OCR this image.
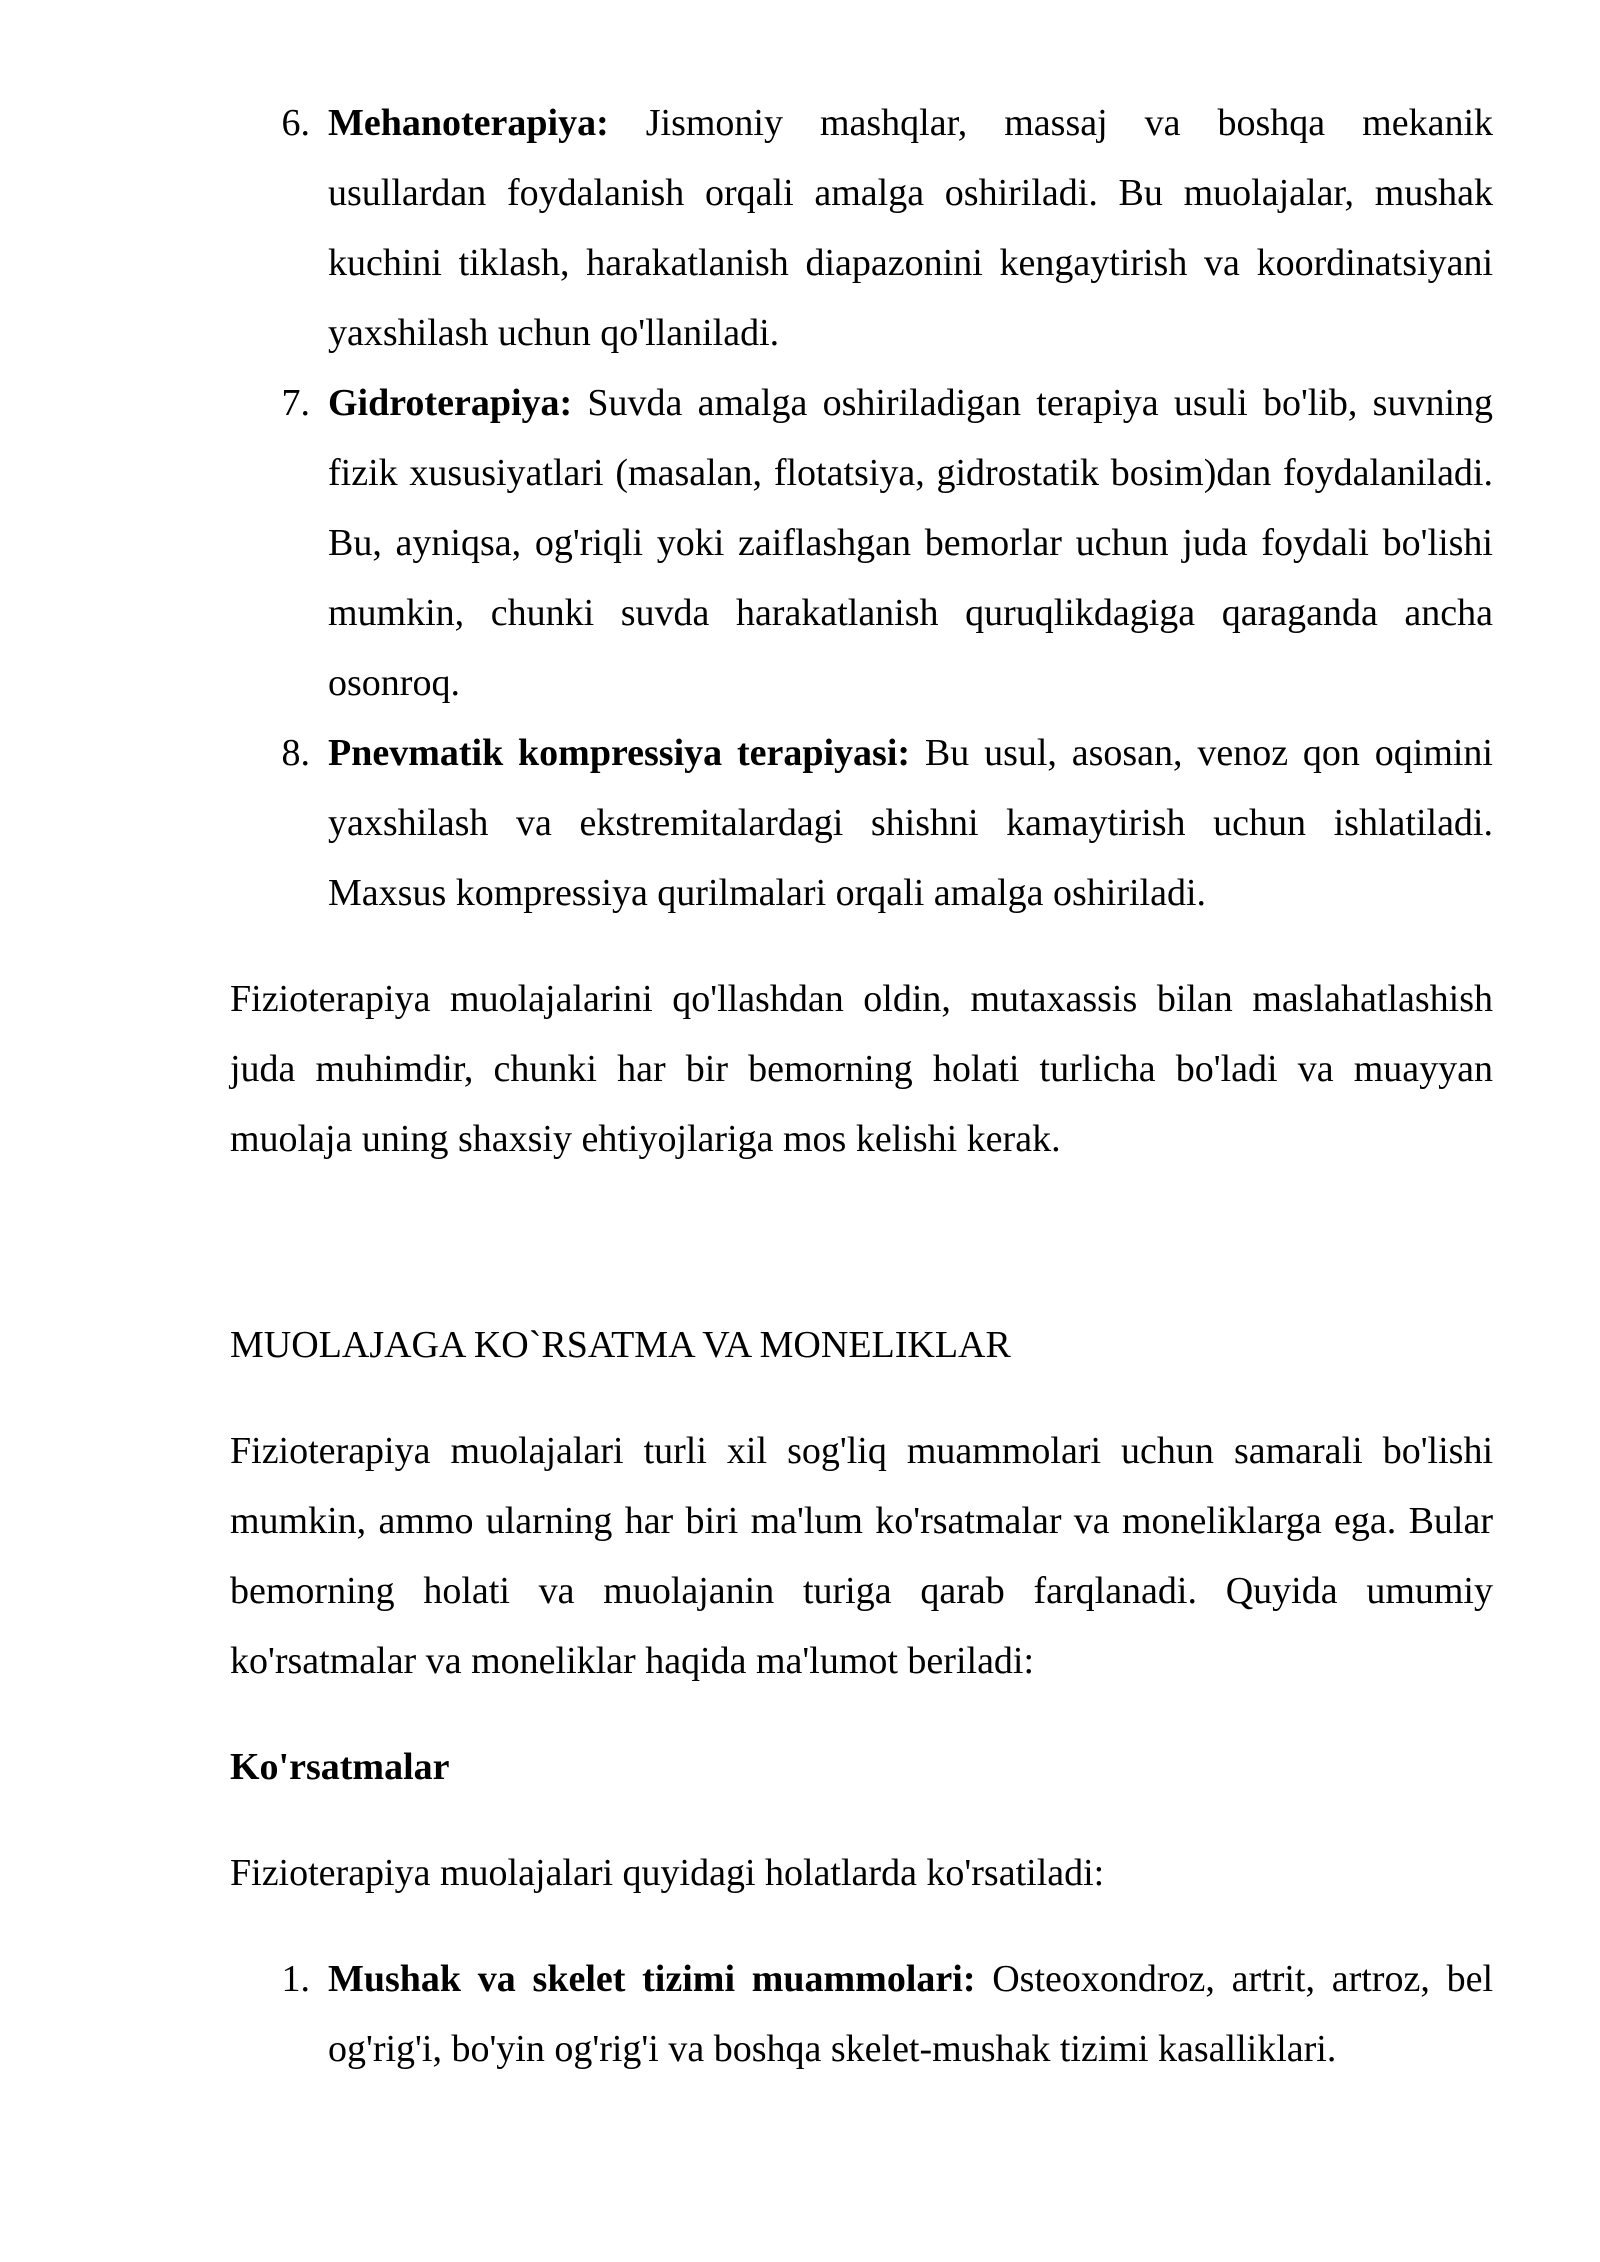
6. Mehanoterapiya: Jismoniy mashqlar, massaj va boshqa mekanik usullardan foydalanish orqali amalga oshiriladi. Bu muolajalar, mushak kuchini tiklash, harakatlanish diapazonini kengaytirish va koordinatsiyani yaxshilash uchun qo'llaniladi.
7. Gidroterapiya: Suvda amalga oshiriladigan terapiya usuli bo'lib, suvning fizik xususiyatlari (masalan, flotatsiya, gidrostatik bosim)dan foydalaniladi. Bu, ayniqsa, og'riqli yoki zaiflashgan bemorlar uchun juda foydali bo'lishi mumkin, chunki suvda harakatlanish quruqlikdagiga qaraganda ancha osonroq.
8. Pnevmatik kompressiya terapiyasi: Bu usul, asosan, venoz qon oqimini yaxshilash va ekstremitalardagi shishni kamaytirish uchun ishlatiladi. Maxsus kompressiya qurilmalari orqali amalga oshiriladi.

Fizioterapiya muolajalarini qo'llashdan oldin, mutaxassis bilan maslahatlashish juda muhimdir, chunki har bir bemorning holati turlicha bo'ladi va muayyan muolaja uning shaxsiy ehtiyojlariga mos kelishi kerak.

MUOLAJAGA KO`RSATMA VA MONELIKLAR

Fizioterapiya muolajalari turli xil sog'liq muammolari uchun samarali bo'lishi mumkin, ammo ularning har biri ma'lum ko'rsatmalar va moneliklarga ega. Bular bemorning holati va muolajanin turiga qarab farqlanadi. Quyida umumiy ko'rsatmalar va moneliklar haqida ma'lumot beriladi:

Ko'rsatmalar

Fizioterapiya muolajalari quyidagi holatlarda ko'rsatiladi:

1. Mushak va skelet tizimi muammolari: Osteoxondroz, artrit, artroz, bel og'rig'i, bo'yin og'rig'i va boshqa skelet-mushak tizimi kasalliklari.
